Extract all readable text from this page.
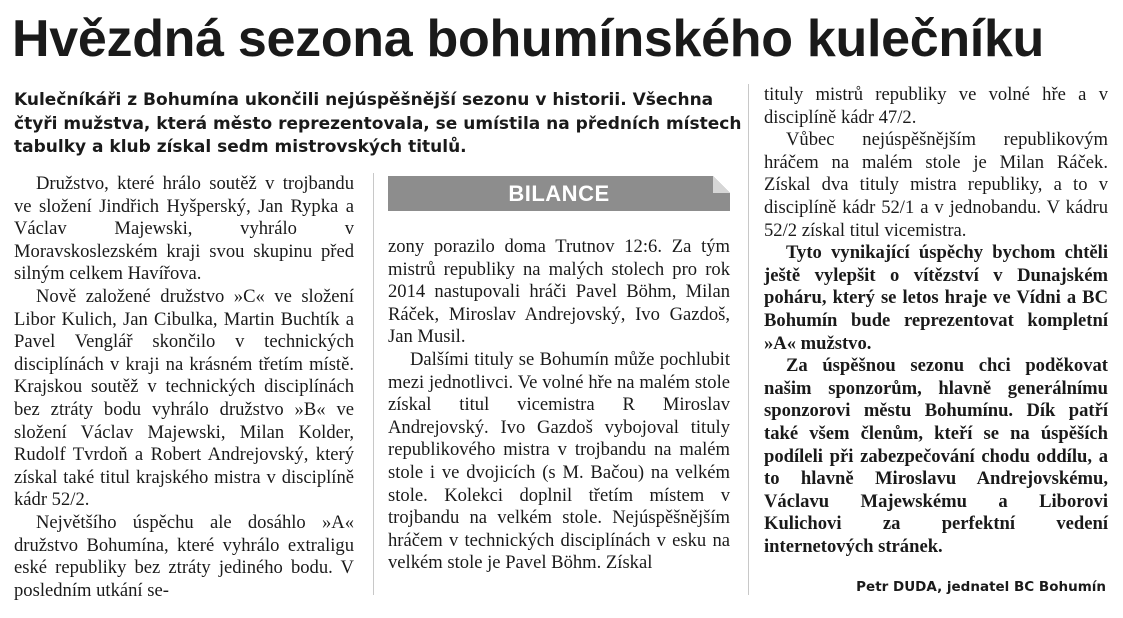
Hvězdná sezona bohumínského kulečníku

Kulečníkáři z Bohumína ukončili nejúspěšnější sezonu v historii. Všechna čtyři mužstva, která město reprezentovala, se umístila na předních místech tabulky a klub získal sedm mistrovských titulů.

Družstvo, které hrálo soutěž v trojbandu ve složení Jindřich Hyšperský, Jan Rypka a Václav Majewski, vyhrálo v Moravskoslezském kraji svou skupinu před silným celkem Havířova.

Nově založené družstvo »C« ve složení Libor Kulich, Jan Cibulka, Martin Buchtík a Pavel Venglář skončilo v technických disciplínách v kraji na krásném třetím místě. Krajskou soutěž v technických disciplínách bez ztráty bodu vyhrálo družstvo »B« ve složení Václav Majewski, Milan Kolder, Rudolf Tvrdoň a Robert Andrejovský, který získal také titul krajského mistra v disciplíně kádr 52/2.

Největšího úspěchu ale dosáhlo »A« družstvo Bohumína, které vyhrálo extraligu eské republiky bez ztráty jediného bodu. V posledním utkání se-

BILANCE

zony porazilo doma Trutnov 12:6. Za tým mistrů republiky na malých stolech pro rok 2014 nastupovali hráči Pavel Böhm, Milan Ráček, Miroslav Andrejovský, Ivo Gazdoš, Jan Musil.

Dalšími tituly se Bohumín může pochlubit mezi jednotlivci. Ve volné hře na malém stole získal titul vicemistra R Miroslav Andrejovský. Ivo Gazdoš vybojoval tituly republikového mistra v trojbandu na malém stole i ve dvojicích (s M. Bačou) na velkém stole. Kolekci doplnil třetím místem v trojbandu na velkém stole. Nejúspěšnějším hráčem v technických disciplínách v esku na velkém stole je Pavel Böhm. Získal

tituly mistrů republiky ve volné hře a v disciplíně kádr 47/2.

Vůbec nejúspěšnějším republikovým hráčem na malém stole je Milan Ráček. Získal dva tituly mistra republiky, a to v disciplíně kádr 52/1 a v jednobandu. V kádru 52/2 získal titul vicemistra.

Tyto vynikající úspěchy bychom chtěli ještě vylepšit o vítězství v Dunajském poháru, který se letos hraje ve Vídni a BC Bohumín bude reprezentovat kompletní »A« mužstvo.

Za úspěšnou sezonu chci poděkovat našim sponzorům, hlavně generálnímu sponzorovi městu Bohumínu. Dík patří také všem členům, kteří se na úspěších podíleli při zabezpečování chodu oddílu, a to hlavně Miroslavu Andrejovskému, Václavu Majewskému a Liborovi Kulichovi za perfektní vedení internetových stránek.

Petr DUDA, jednatel BC Bohumín
